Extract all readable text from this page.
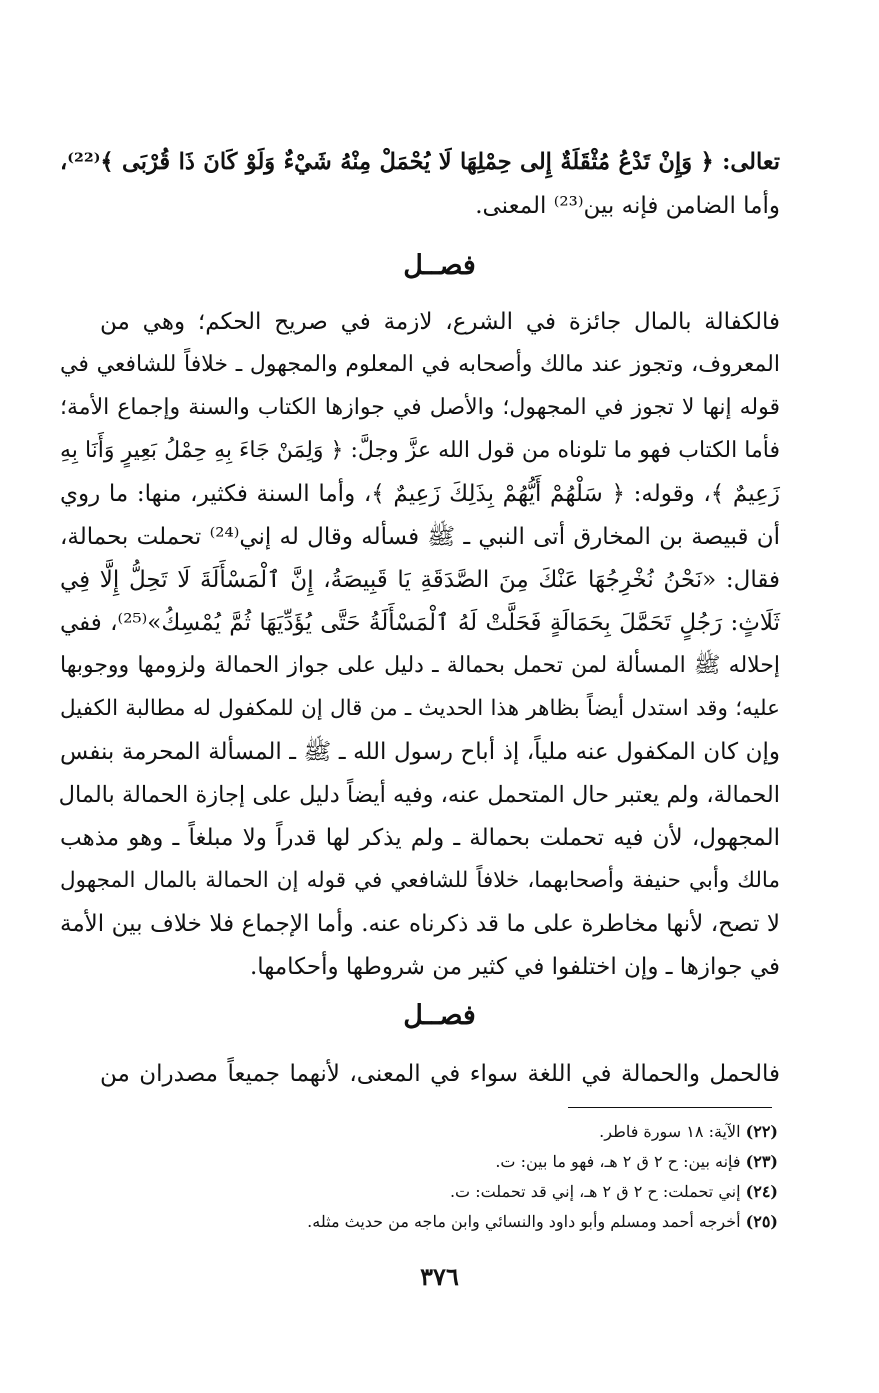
تعالى: ﴿ وَإِنْ تَدْعُ مُثْقَلَةٌ إِلى حِمْلِهَا لَا يُحْمَلْ مِنْهُ شَيْءٌ وَلَوْ كَانَ ذَا قُرْبَى ﴾⁽²²⁾،
وأما الضامن فإنه بين⁽²³⁾ المعنى.
فصــل
فالكفالة بالمال جائزة في الشرع، لازمة في صريح الحكم؛ وهي من
المعروف، وتجوز عند مالك وأصحابه في المعلوم والمجهول ـ خلافاً للشافعي في
قوله إنها لا تجوز في المجهول؛ والأصل في جوازها الكتاب والسنة وإجماع الأمة؛
فأما الكتاب فهو ما تلوناه من قول الله عزَّ وجلَّ: ﴿ وَلِمَنْ جَاءَ بِهِ حِمْلُ بَعِيرٍ وَأَنَا بِهِ
زَعِيمٌ ﴾، وقوله: ﴿ سَلْهُمْ أَيُّهُمْ بِذَلِكَ زَعِيمٌ ﴾، وأما السنة فكثير، منها: ما روي
أن قبيصة بن المخارق أتى النبي ـ ﷺ فسأله وقال له إني⁽²⁴⁾ تحملت بحمالة،
فقال: «نَحْنُ نُخْرِجُهَا عَنْكَ مِنَ الصَّدَقَةِ يَا قَبِيصَةُ، إِنَّ ٱلْمَسْأَلَةَ لَا تَحِلُّ إِلَّا فِي
ثَلَاثٍ: رَجُلٍ تَحَمَّلَ بِحَمَالَةٍ فَحَلَّتْ لَهُ ٱلْمَسْأَلَةُ حَتَّى يُؤَدِّيَهَا ثُمَّ يُمْسِكُ»⁽²⁵⁾، ففي
إحلاله ﷺ المسألة لمن تحمل بحمالة ـ دليل على جواز الحمالة ولزومها ووجوبها
عليه؛ وقد استدل أيضاً بظاهر هذا الحديث ـ من قال إن للمكفول له مطالبة الكفيل
وإن كان المكفول عنه ملياً، إذ أباح رسول الله ـ ﷺ ـ المسألة المحرمة بنفس
الحمالة، ولم يعتبر حال المتحمل عنه، وفيه أيضاً دليل على إجازة الحمالة بالمال
المجهول، لأن فيه تحملت بحمالة ـ ولم يذكر لها قدراً ولا مبلغاً ـ وهو مذهب
مالك وأبي حنيفة وأصحابهما، خلافاً للشافعي في قوله إن الحمالة بالمال المجهول
لا تصح، لأنها مخاطرة على ما قد ذكرناه عنه. وأما الإجماع فلا خلاف بين الأمة
في جوازها ـ وإن اختلفوا في كثير من شروطها وأحكامها.
فصــل
فالحمل والحمالة في اللغة سواء في المعنى، لأنهما جميعاً مصدران من
(٢٢) الآية: ١٨ سورة فاطر.
(٢٣) فإنه بين: ح ٢ ق ٢ هـ، فهو ما بين: ت.
(٢٤) إني تحملت: ح ٢ ق ٢ هـ، إني قد تحملت: ت.
(٢٥) أخرجه أحمد ومسلم وأبو داود والنسائي وابن ماجه من حديث مثله.
٣٧٦
